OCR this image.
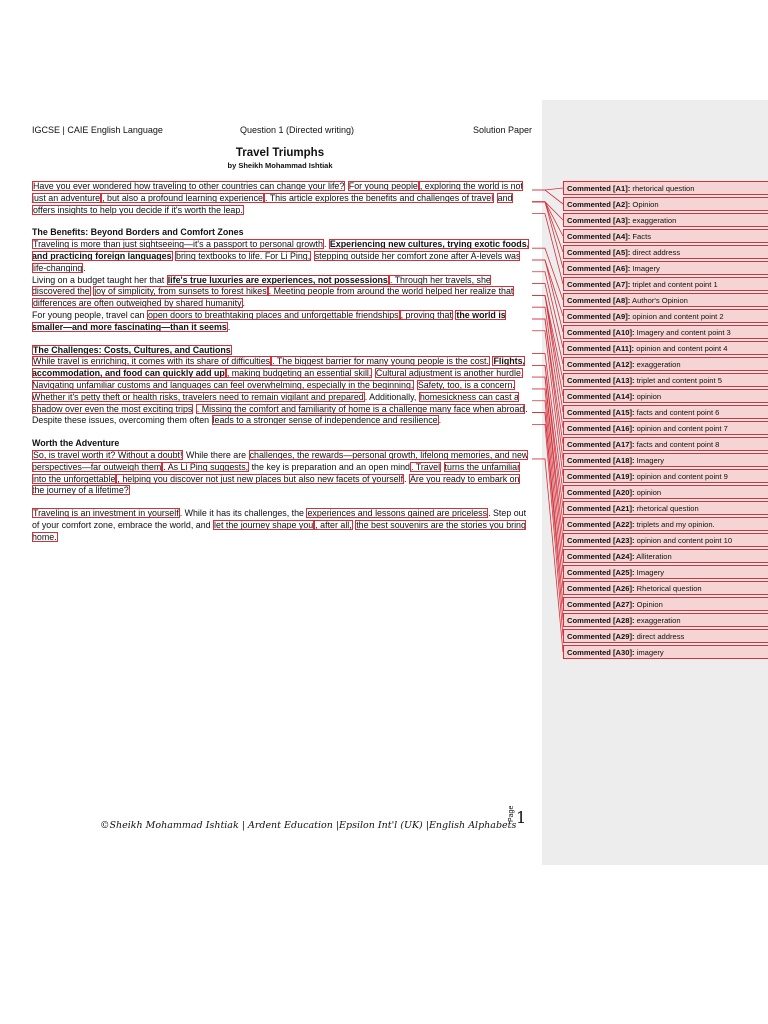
IGCSE | CAIE English Language	Question 1 (Directed writing)	Solution Paper
Travel Triumphs
by Sheikh Mohammad Ishtiak

Have you ever wondered how traveling to other countries can change your life? For young people , exploring the world is not just an adventure , but also a profound learning experience . This article explores the benefits and challenges of travel and offers insights to help you decide if it's worth the leap.

The Benefits: Beyond Borders and Comfort Zones

Traveling is more than just sightseeing—it's a passport to personal growth. Experiencing new cultures, trying exotic foods, and practicing foreign languages bring textbooks to life. For Li Ping, stepping outside her comfort zone after A-levels was life-changing.

Living on a budget taught her that life's true luxuries are experiences, not possessions . Through her travels, she discovered the joy of simplicity, from sunsets to forest hikes . Meeting people from around the world helped her realize that differences are often outweighed by shared humanity.

For young people, travel can open doors to breathtaking places and unforgettable friendships , proving that the world is smaller—and more fascinating—than it seems.

The Challenges: Costs, Cultures, and Cautions

While travel is enriching, it comes with its share of difficulties . The biggest barrier for many young people is the cost. Flights, accommodation, and food can quickly add up , making budgeting an essential skill. Cultural adjustment is another hurdle. Navigating unfamiliar customs and languages can feel overwhelming, especially in the beginning. Safety, too, is a concern. Whether it's petty theft or health risks, travelers need to remain vigilant and prepared. Additionally, homesickness can cast a shadow over even the most exciting trips . Missing the comfort and familiarity of home is a challenge many face when abroad. Despite these issues, overcoming them often leads to a stronger sense of independence and resilience.

Worth the Adventure

So, is travel worth it? Without a doubt! While there are challenges, the rewards—personal growth, lifelong memories, and new perspectives—far outweigh them . As Li Ping suggests, the key is preparation and an open mind. Travel turns the unfamiliar into the unforgettable , helping you discover not just new places but also new facets of yourself. Are you ready to embark on the journey of a lifetime?

Traveling is an investment in yourself. While it has its challenges, the experiences and lessons gained are priceless. Step out of your comfort zone, embrace the world, and let the journey shape you , after all, the best souvenirs are the stories you bring home.

©Sheikh Mohammad Ishtiak | Ardent Education |Epsilon Int'l (UK) |English Alphabets
Page 1
Commented [A1]: rhetorical question
Commented [A2]: Opinion
Commented [A3]: exaggeration
Commented [A4]: Facts
Commented [A5]: direct address
Commented [A6]: Imagery
Commented [A7]: triplet and content point 1
Commented [A8]: Author's Opinion
Commented [A9]: opinion and content point 2
Commented [A10]: Imagery and content point 3
Commented [A11]: opinion and content point 4
Commented [A12]: exaggeration
Commented [A13]: triplet and content point 5
Commented [A14]: opinion
Commented [A15]: facts and content point 6
Commented [A16]: opinion and content point 7
Commented [A17]: facts and content point 8
Commented [A18]: Imagery
Commented [A19]: opinion and content point 9
Commented [A20]: opinion
Commented [A21]: rhetorical question
Commented [A22]: triplets and my opinion.
Commented [A23]: opinion and content point 10
Commented [A24]: Alliteration
Commented [A25]: Imagery
Commented [A26]: Rhetorical question
Commented [A27]: Opinion
Commented [A28]: exaggeration
Commented [A29]: direct address
Commented [A30]: imagery
